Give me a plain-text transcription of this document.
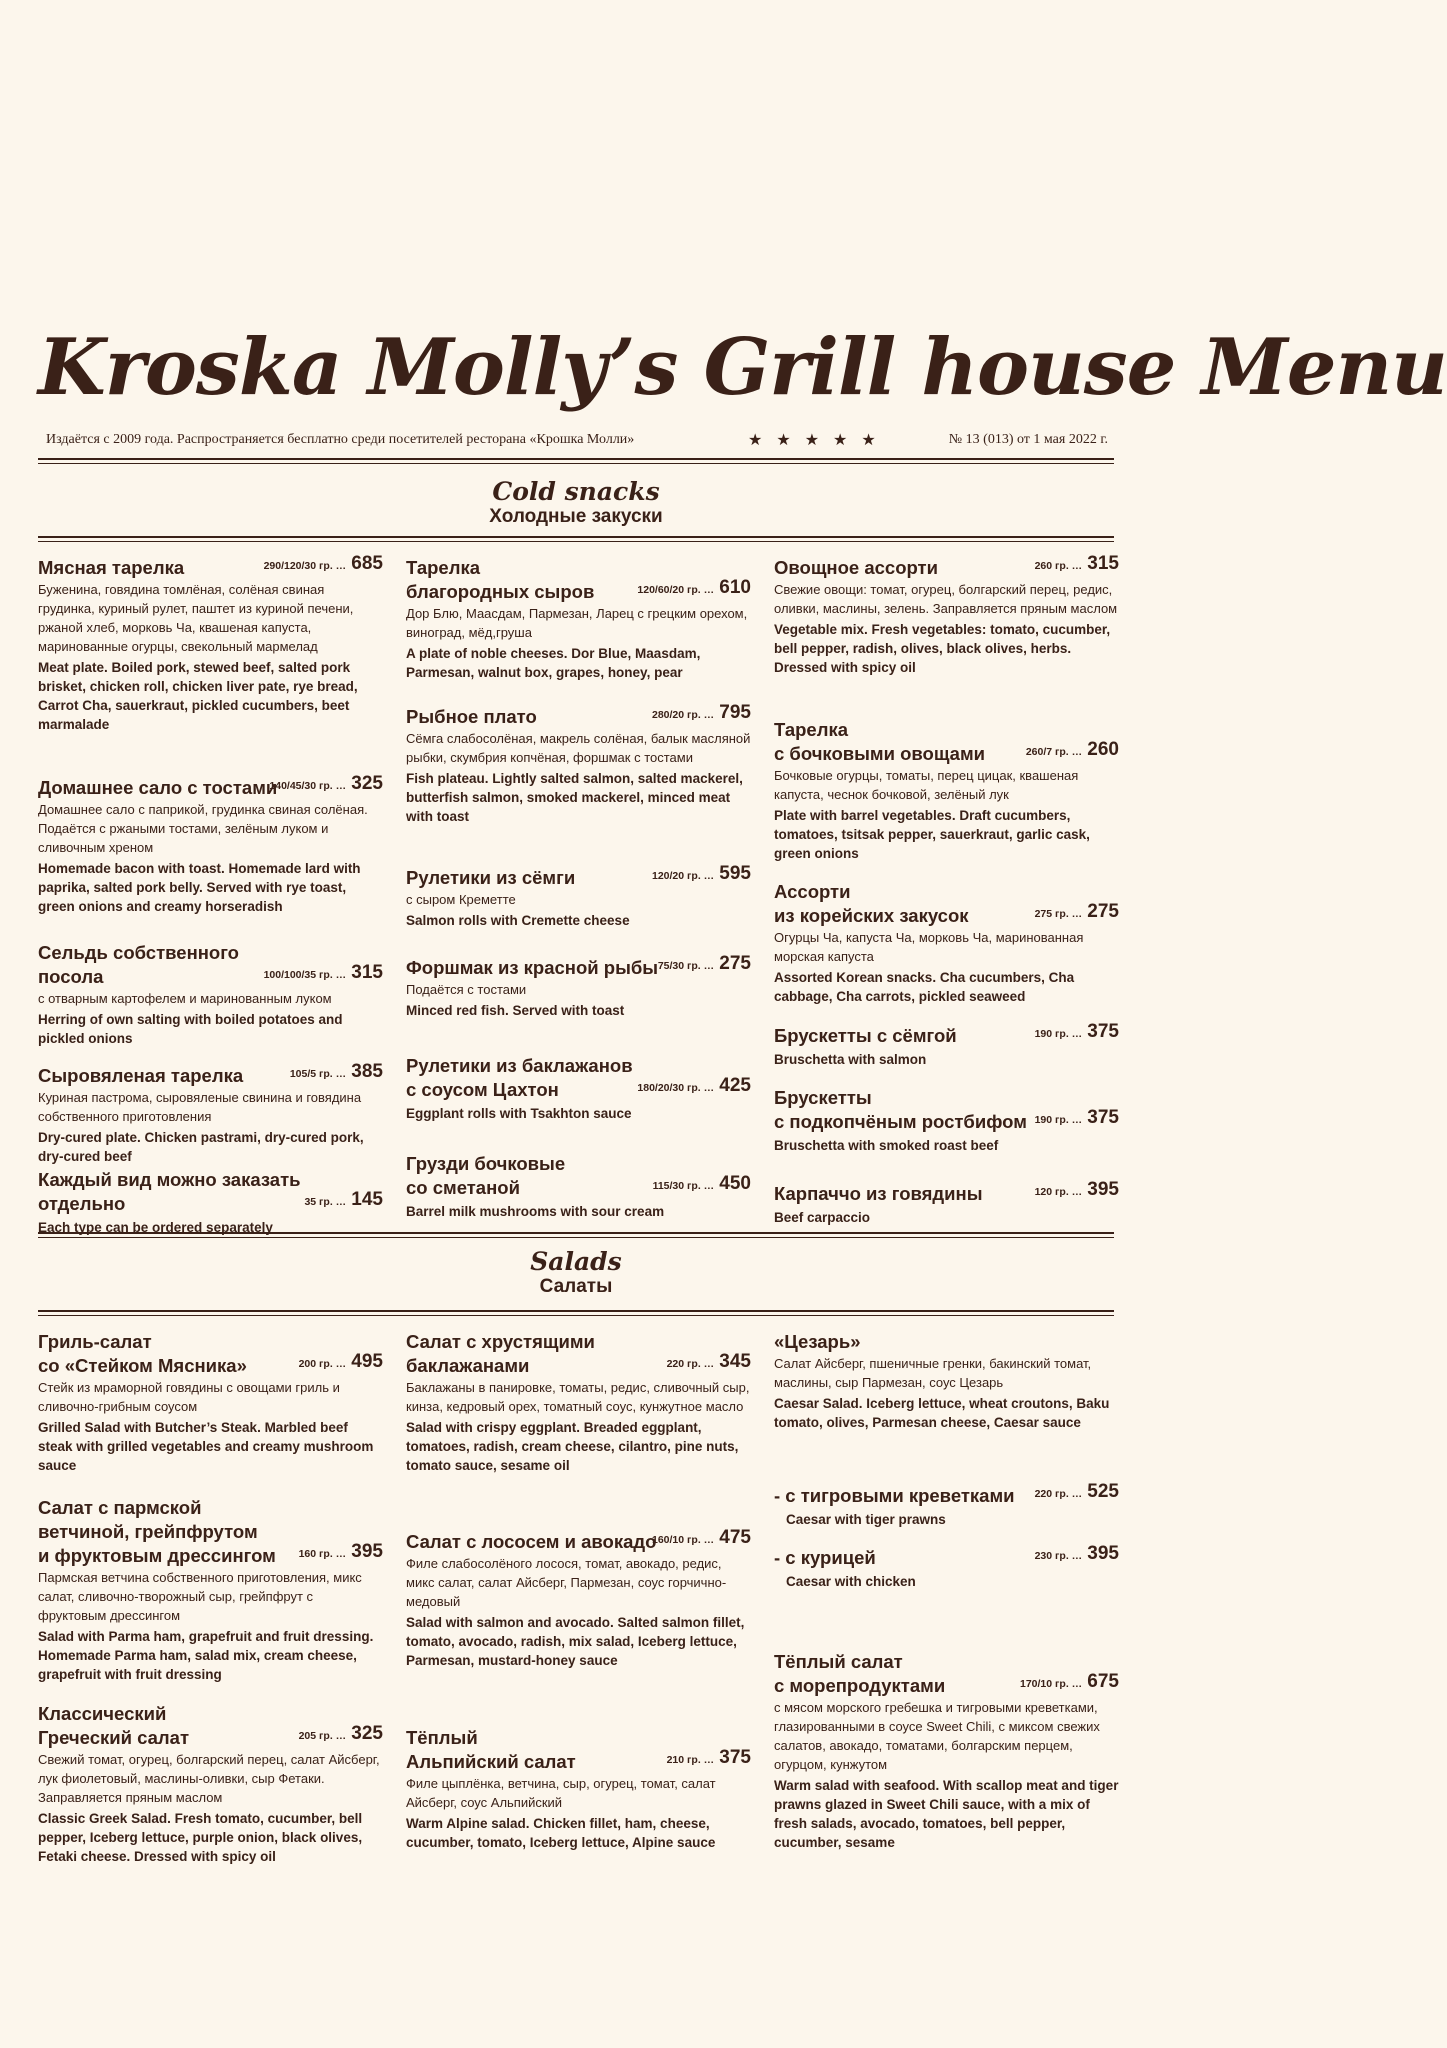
Kroska Molly’s Grill house Menu
Издаётся с 2009 года. Распространяется бесплатно среди посетителей ресторана «Крошка Молли»	★★★★★	№ 13 (013) от 1 мая 2022 г.
Cold snacks
Холодные закуски
Мясная тарелка	290/120/30 гр. … 685
Буженина, говядина томлёная, солёная свиная грудинка, куриный рулет, паштет из куриной печени, ржаной хлеб, морковь Ча, квашеная капуста, маринованные огурцы, свекольный мармелад
Meat plate. Boiled pork, stewed beef, salted pork brisket, chicken roll, chicken liver pate, rye bread, Carrot Cha, sauerkraut, pickled cucumbers, beet marmalade
Домашнее сало с тостами
140/45/30 гр. … 325
Домашнее сало с паприкой, грудинка свиная солёная. Подаётся с ржаными тостами, зелёным луком и сливочным хреном
Homemade bacon with toast. Homemade lard with paprika, salted pork belly. Served with rye toast, green onions and creamy horseradish
Сельдь собственного
посола	100/100/35 гр. … 315
с отварным картофелем и маринованным луком
Herring of own salting with boiled potatoes and pickled onions
Сыровяленая тарелка	105/5 гр. … 385
Куриная пастрома, сыровяленые свинина и говядина собственного приготовления
Dry-cured plate. Chicken pastrami, dry-cured pork, dry-cured beef
Каждый вид можно заказать отдельно	35 гр. … 145
Each type can be ordered separately
Тарелка
благородных сыров	120/60/20 гр. … 610
Дор Блю, Маасдам, Пармезан, Ларец с грецким орехом, виноград, мёд,груша
A plate of noble cheeses. Dor Blue, Maasdam, Parmesan, walnut box, grapes, honey, pear
Рыбное плато	280/20 гр. … 795
Сёмга слабосолёная, макрель солёная, балык масляной рыбки, скумбрия копчёная, форшмак с тостами
Fish plateau. Lightly salted salmon, salted mackerel, butterfish salmon, smoked mackerel, minced meat with toast
Рулетики из сёмги	120/20 гр. … 595
с сыром Креметте
Salmon rolls with Cremette cheese
Форшмак из красной рыбы 75/30 гр. … 275
Подаётся с тостами
Minced red fish. Served with toast
Рулетики из баклажанов
с соусом Цахтон	180/20/30 гр. … 425
Eggplant rolls with Tsakhton sauce
Грузди бочковые
со сметаной	115/30 гр. … 450
Barrel milk mushrooms with sour cream
Овощное ассорти	260 гр. … 315
Свежие овощи: томат, огурец, болгарский перец, редис, оливки, маслины, зелень. Заправляется пряным маслом
Vegetable mix. Fresh vegetables: tomato, cucumber, bell pepper, radish, olives, black olives, herbs. Dressed with spicy oil
Тарелка
с бочковыми овощами	260/7 гр. … 260
Бочковые огурцы, томаты, перец цицак, квашеная капуста, чеснок бочковой, зелёный лук
Plate with barrel vegetables. Draft cucumbers, tomatoes, tsitsak pepper, sauerkraut, garlic cask, green onions
Ассорти
из корейских закусок	275 гр. … 275
Огурцы Ча, капуста Ча, морковь Ча, маринованная морская капуста
Assorted Korean snacks. Cha cucumbers, Cha cabbage, Cha carrots, pickled seaweed
Брускетты с сёмгой	190 гр. … 375
Bruschetta with salmon
Брускетты
с подкопчёным ростбифом 190 гр. … 375
Bruschetta with smoked roast beef
Карпаччо из говядины	120 гр. … 395
Beef carpaccio
Salads
Салаты
Гриль-салат
со «Стейком Мясника»	200 гр. … 495
Стейк из мраморной говядины с овощами гриль и сливочно-грибным соусом
Grilled Salad with Butcher’s Steak. Marbled beef steak with grilled vegetables and creamy mushroom sauce
Салат с пармской
ветчиной, грейпфрутом
и фруктовым дрессингом 160 гр. … 395
Пармская ветчина собственного приготовления, микс салат, сливочно-творожный сыр, грейпфрут с фруктовым дрессингом
Salad with Parma ham, grapefruit and fruit dressing. Homemade Parma ham, salad mix, cream cheese, grapefruit with fruit dressing
Классический
Греческий салат	205 гр. … 325
Свежий томат, огурец, болгарский перец, салат Айсберг, лук фиолетовый, маслины-оливки, сыр Фетаки. Заправляется пряным маслом
Classic Greek Salad. Fresh tomato, cucumber, bell pepper, Iceberg lettuce, purple onion, black olives, Fetaki cheese. Dressed with spicy oil
Салат с хрустящими
баклажанами	220 гр. … 345
Баклажаны в панировке, томаты, редис, сливочный сыр, кинза, кедровый орех, томатный соус, кунжутное масло
Salad with crispy eggplant. Breaded eggplant, tomatoes, radish, cream cheese, cilantro, pine nuts, tomato sauce, sesame oil
Салат с лососем и авокадо
160/10 гр. … 475
Филе слабосолёного лосося, томат, авокадо, редис, микс салат, салат Айсберг, Пармезан, соус горчично-медовый
Salad with salmon and avocado. Salted salmon fillet, tomato, avocado, radish, mix salad, Iceberg lettuce, Parmesan, mustard-honey sauce
Тёплый
Альпийский салат	210 гр. … 375
Филе цыплёнка, ветчина, сыр, огурец, томат, салат Айсберг, соус Альпийский
Warm Alpine salad. Chicken fillet, ham, cheese, cucumber, tomato, Iceberg lettuce, Alpine sauce
«Цезарь»
Салат Айсберг, пшеничные гренки, бакинский томат, маслины, сыр Пармезан, соус Цезарь
Caesar Salad. Iceberg lettuce, wheat croutons, Baku tomato, olives, Parmesan cheese, Caesar sauce
- с тигровыми креветками 220 гр. … 525
Caesar with tiger prawns
- с курицей	230 гр. … 395
Caesar with chicken
Тёплый салат
с морепродуктами	170/10 гр. … 675
с мясом морского гребешка и тигровыми креветками, глазированными в соусе Sweet Chili, с миксом свежих салатов, авокадо, томатами, болгарским перцем, огурцом, кунжутом
Warm salad with seafood. With scallop meat and tiger prawns glazed in Sweet Chili sauce, with a mix of fresh salads, avocado, tomatoes, bell pepper, cucumber, sesame
